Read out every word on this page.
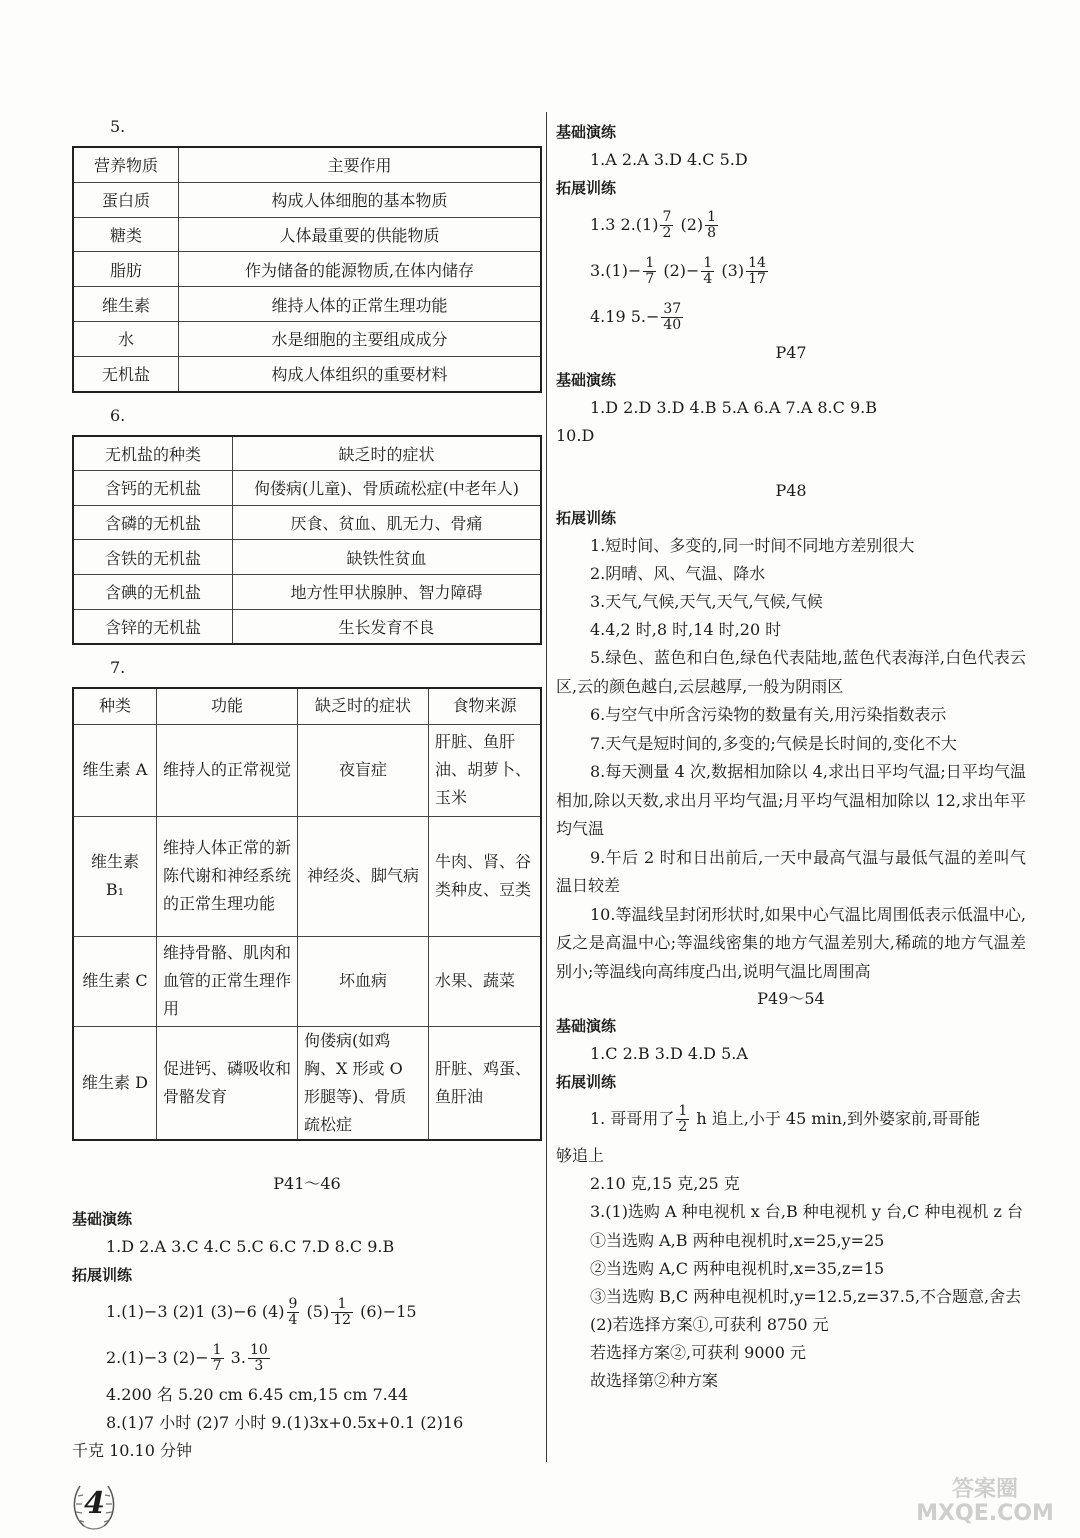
5.
营养物质	主要作用
蛋白质	构成人体细胞的基本物质
糖类	人体最重要的供能物质
脂肪	作为储备的能源物质,在体内储存
维生素	维持人体的正常生理功能
水	水是细胞的主要组成成分
无机盐	构成人体组织的重要材料
6.
无机盐的种类	缺乏时的症状
含钙的无机盐	佝偻病(儿童)、骨质疏松症(中老年人)
含磷的无机盐	厌食、贫血、肌无力、骨痛
含铁的无机盐	缺铁性贫血
含碘的无机盐	地方性甲状腺肿、智力障碍
含锌的无机盐	生长发育不良
7.
种类	功能	缺乏时的症状	食物来源
维生素 A	维持人的正常视觉	夜盲症	肝脏、鱼肝油、胡萝卜、玉米
维生素 B₁	维持人体正常的新陈代谢和神经系统的正常生理功能	神经炎、脚气病	牛肉、肾、谷类种皮、豆类
维生素 C	维持骨骼、肌肉和血管的正常生理作用	坏血病	水果、蔬菜
维生素 D	促进钙、磷吸收和骨骼发育	佝偻病(如鸡胸、X 形或 O 形腿等)、骨质疏松症	肝脏、鸡蛋、鱼肝油
P41～46
基础演练
1.D 2.A 3.C 4.C 5.C 6.C 7.D 8.C 9.B
拓展训练
1.(1)−3 (2)1 (3)−6 $(4) \frac{9}{4} (5) \frac{1}{12} (6)-15$
2.(1)−3 $(2)- \frac{1}{7} 3$. $\frac{10}{3}$
4.200 名 5.20 cm 6.45 cm,15 cm 7.44
8.(1)7 小时 (2)7 小时 9.(1)3x+0.5x+0.1 (2)16
千克 10.10 分钟
基础演练
1.A 2.A 3.D 4.C 5.D
拓展训练
1.3 $2.(1) \frac{7}{2} (2) \frac{1}{8}$
$3.(1)- \frac{1}{7} (2)- \frac{1}{4} (3) \frac{14}{17}$
4.19 $5.- \frac{37}{40}$
P47
基础演练
1.D 2.D 3.D 4.B 5.A 6.A 7.A 8.C 9.B
10.D
P48
拓展训练
1.短时间、多变的,同一时间不同地方差别很大
2.阴晴、风、气温、降水
3.天气,气候,天气,天气,气候,气候
4.4,2 时,8 时,14 时,20 时
5.绿色、蓝色和白色,绿色代表陆地,蓝色代表海洋,白色代表云区,云的颜色越白,云层越厚,一般为阴雨区
6.与空气中所含污染物的数量有关,用污染指数表示
7.天气是短时间的,多变的;气候是长时间的,变化不大
8.每天测量 4 次,数据相加除以 4,求出日平均气温;日平均气温相加,除以天数,求出月平均气温;月平均气温相加除以 12,求出年平均气温
9.午后 2 时和日出前后,一天中最高气温与最低气温的差叫气温日较差
10.等温线呈封闭形状时,如果中心气温比周围低表示低温中心,反之是高温中心;等温线密集的地方气温差别大,稀疏的地方气温差别小;等温线向高纬度凸出,说明气温比周围高
P49～54
基础演练
1.C 2.B 3.D 4.D 5.A
拓展训练
1. 哥哥用了 $\frac{1}{2}$ h 追上,小于 45 min,到外婆家前,哥哥能
够追上
2.10 克,15 克,25 克
3.(1)选购 A 种电视机 x 台,B 种电视机 y 台,C 种电视机 z 台
①当选购 A,B 两种电视机时,x=25,y=25
②当选购 A,C 两种电视机时,x=35,z=15
③当选购 B,C 两种电视机时,y=12.5,z=37.5,不合题意,舍去
(2)若选择方案①,可获利 8750 元
若选择方案②,可获利 9000 元
故选择第②种方案
4	答案圈 MXQE.COM
